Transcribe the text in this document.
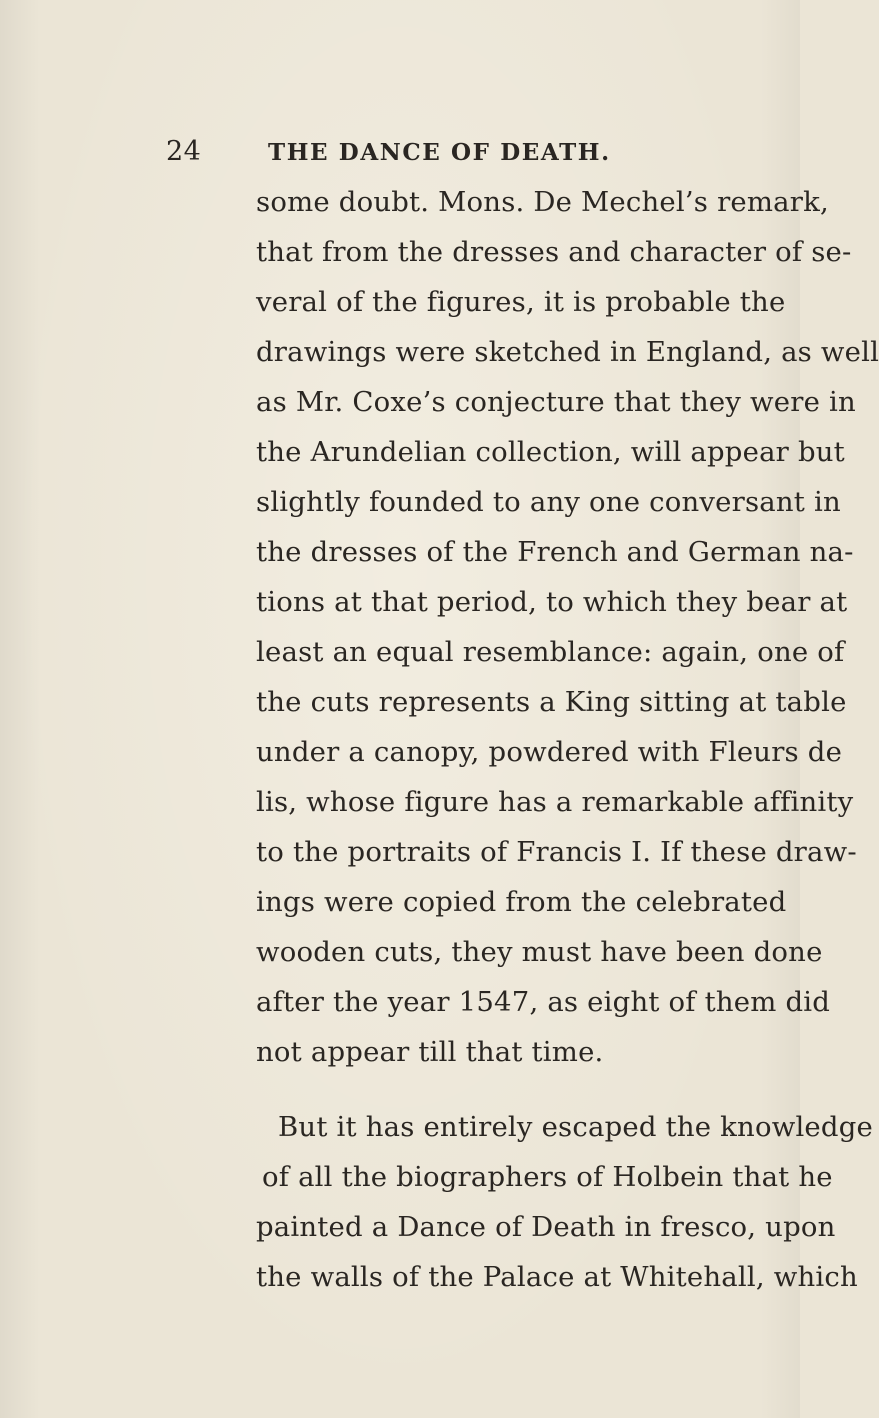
24	THE DANCE OF DEATH.
some doubt. Mons. De Mechel’s remark,
that from the dresses and character of se-
veral of the figures, it is probable the
drawings were sketched in England, as well
as Mr. Coxe’s conjecture that they were in
the Arundelian collection, will appear but
slightly founded to any one conversant in
the dresses of the French and German na-
tions at that period, to which they bear at
least an equal resemblance: again, one of
the cuts represents a King sitting at table
under a canopy, powdered with Fleurs de
lis, whose figure has a remarkable affinity
to the portraits of Francis I. If these draw-
ings were copied from the celebrated
wooden cuts, they must have been done
after the year 1547, as eight of them did
not appear till that time.
But it has entirely escaped the knowledge
of all the biographers of Holbein that he
painted a Dance of Death in fresco, upon
the walls of the Palace at Whitehall, which
